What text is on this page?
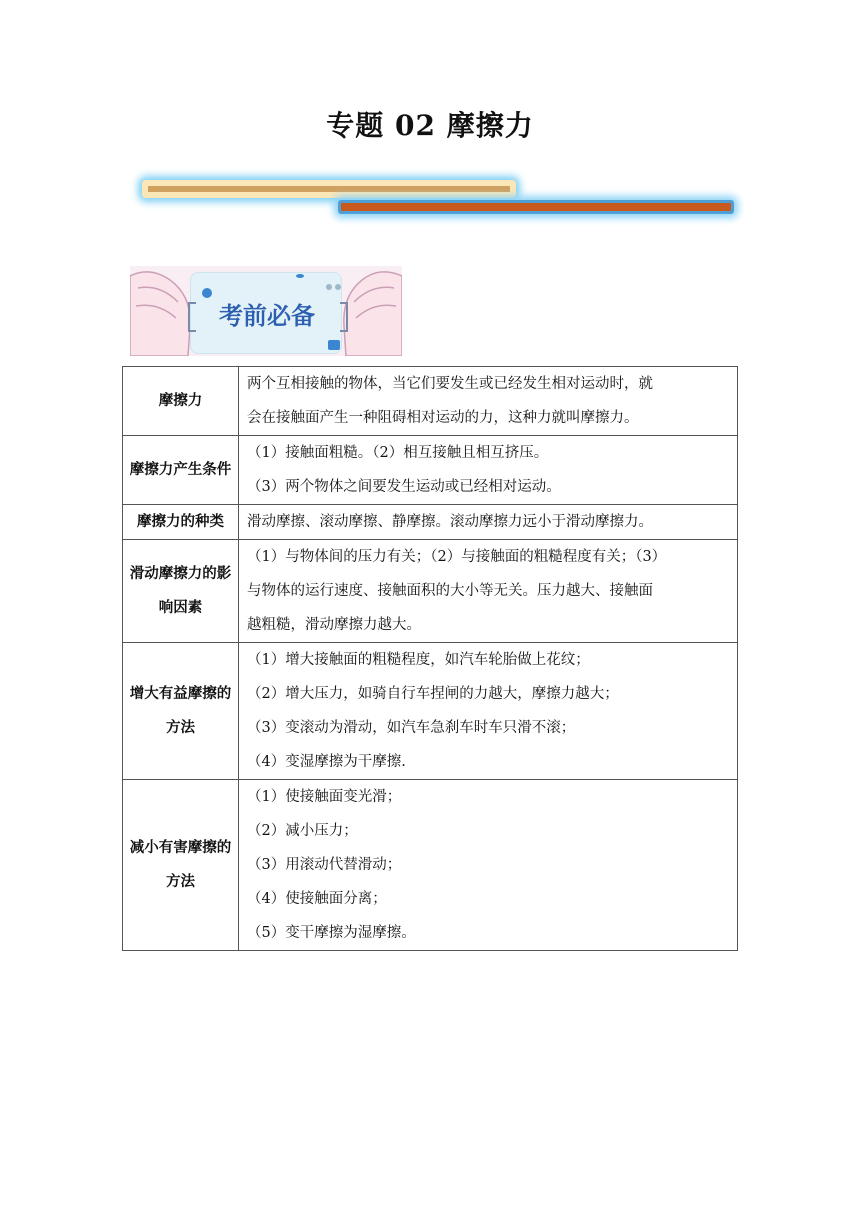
专题 02 摩擦力
考前必备
摩擦力	两个互相接触的物体，当它们要发生或已经发生相对运动时，就
会在接触面产生一种阻碍相对运动的力，这种力就叫摩擦力。

摩擦力产生条件	（1）接触面粗糙。（2）相互接触且相互挤压。
（3）两个物体之间要发生运动或已经相对运动。

摩擦力的种类	滑动摩擦、滚动摩擦、静摩擦。滚动摩擦力远小于滑动摩擦力。

滑动摩擦力的影响因素	（1）与物体间的压力有关；（2）与接触面的粗糙程度有关；（3）
与物体的运行速度、接触面积的大小等无关。压力越大、接触面
越粗糙，滑动摩擦力越大。

增大有益摩擦的方法	（1）增大接触面的粗糙程度，如汽车轮胎做上花纹；
（2）增大压力，如骑自行车捏闸的力越大，摩擦力越大；
（3）变滚动为滑动，如汽车急刹车时车只滑不滚；
（4）变湿摩擦为干摩擦.

减小有害摩擦的方法	（1）使接触面变光滑；
（2）减小压力；
（3）用滚动代替滑动；
（4）使接触面分离；
（5）变干摩擦为湿摩擦。
